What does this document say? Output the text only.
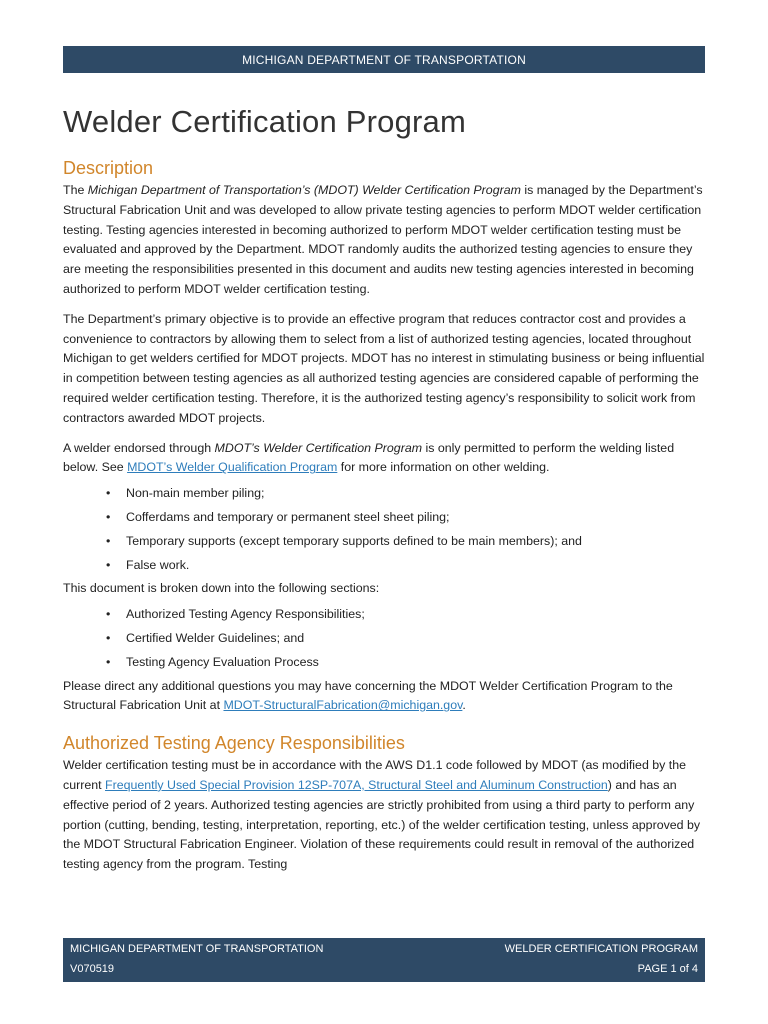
MICHIGAN DEPARTMENT OF TRANSPORTATION
Welder Certification Program
Description

The Michigan Department of Transportation’s (MDOT) Welder Certification Program is managed by the Department’s Structural Fabrication Unit and was developed to allow private testing agencies to perform MDOT welder certification testing. Testing agencies interested in becoming authorized to perform MDOT welder certification testing must be evaluated and approved by the Department. MDOT randomly audits the authorized testing agencies to ensure they are meeting the responsibilities presented in this document and audits new testing agencies interested in becoming authorized to perform MDOT welder certification testing.

The Department’s primary objective is to provide an effective program that reduces contractor cost and provides a convenience to contractors by allowing them to select from a list of authorized testing agencies, located throughout Michigan to get welders certified for MDOT projects. MDOT has no interest in stimulating business or being influential in competition between testing agencies as all authorized testing agencies are considered capable of performing the required welder certification testing. Therefore, it is the authorized testing agency’s responsibility to solicit work from contractors awarded MDOT projects.

A welder endorsed through MDOT’s Welder Certification Program is only permitted to perform the welding listed below. See MDOT’s Welder Qualification Program for more information on other welding.

• Non-main member piling;
• Cofferdams and temporary or permanent steel sheet piling;
• Temporary supports (except temporary supports defined to be main members); and
• False work.

This document is broken down into the following sections:

• Authorized Testing Agency Responsibilities;
• Certified Welder Guidelines; and
• Testing Agency Evaluation Process

Please direct any additional questions you may have concerning the MDOT Welder Certification Program to the Structural Fabrication Unit at MDOT-StructuralFabrication@michigan.gov.

Authorized Testing Agency Responsibilities

Welder certification testing must be in accordance with the AWS D1.1 code followed by MDOT (as modified by the current Frequently Used Special Provision 12SP-707A, Structural Steel and Aluminum Construction) and has an effective period of 2 years. Authorized testing agencies are strictly prohibited from using a third party to perform any portion (cutting, bending, testing, interpretation, reporting, etc.) of the welder certification testing, unless approved by the MDOT Structural Fabrication Engineer. Violation of these requirements could result in removal of the authorized testing agency from the program. Testing

MICHIGAN DEPARTMENT OF TRANSPORTATION
V070519
WELDER CERTIFICATION PROGRAM
PAGE 1 of 4
